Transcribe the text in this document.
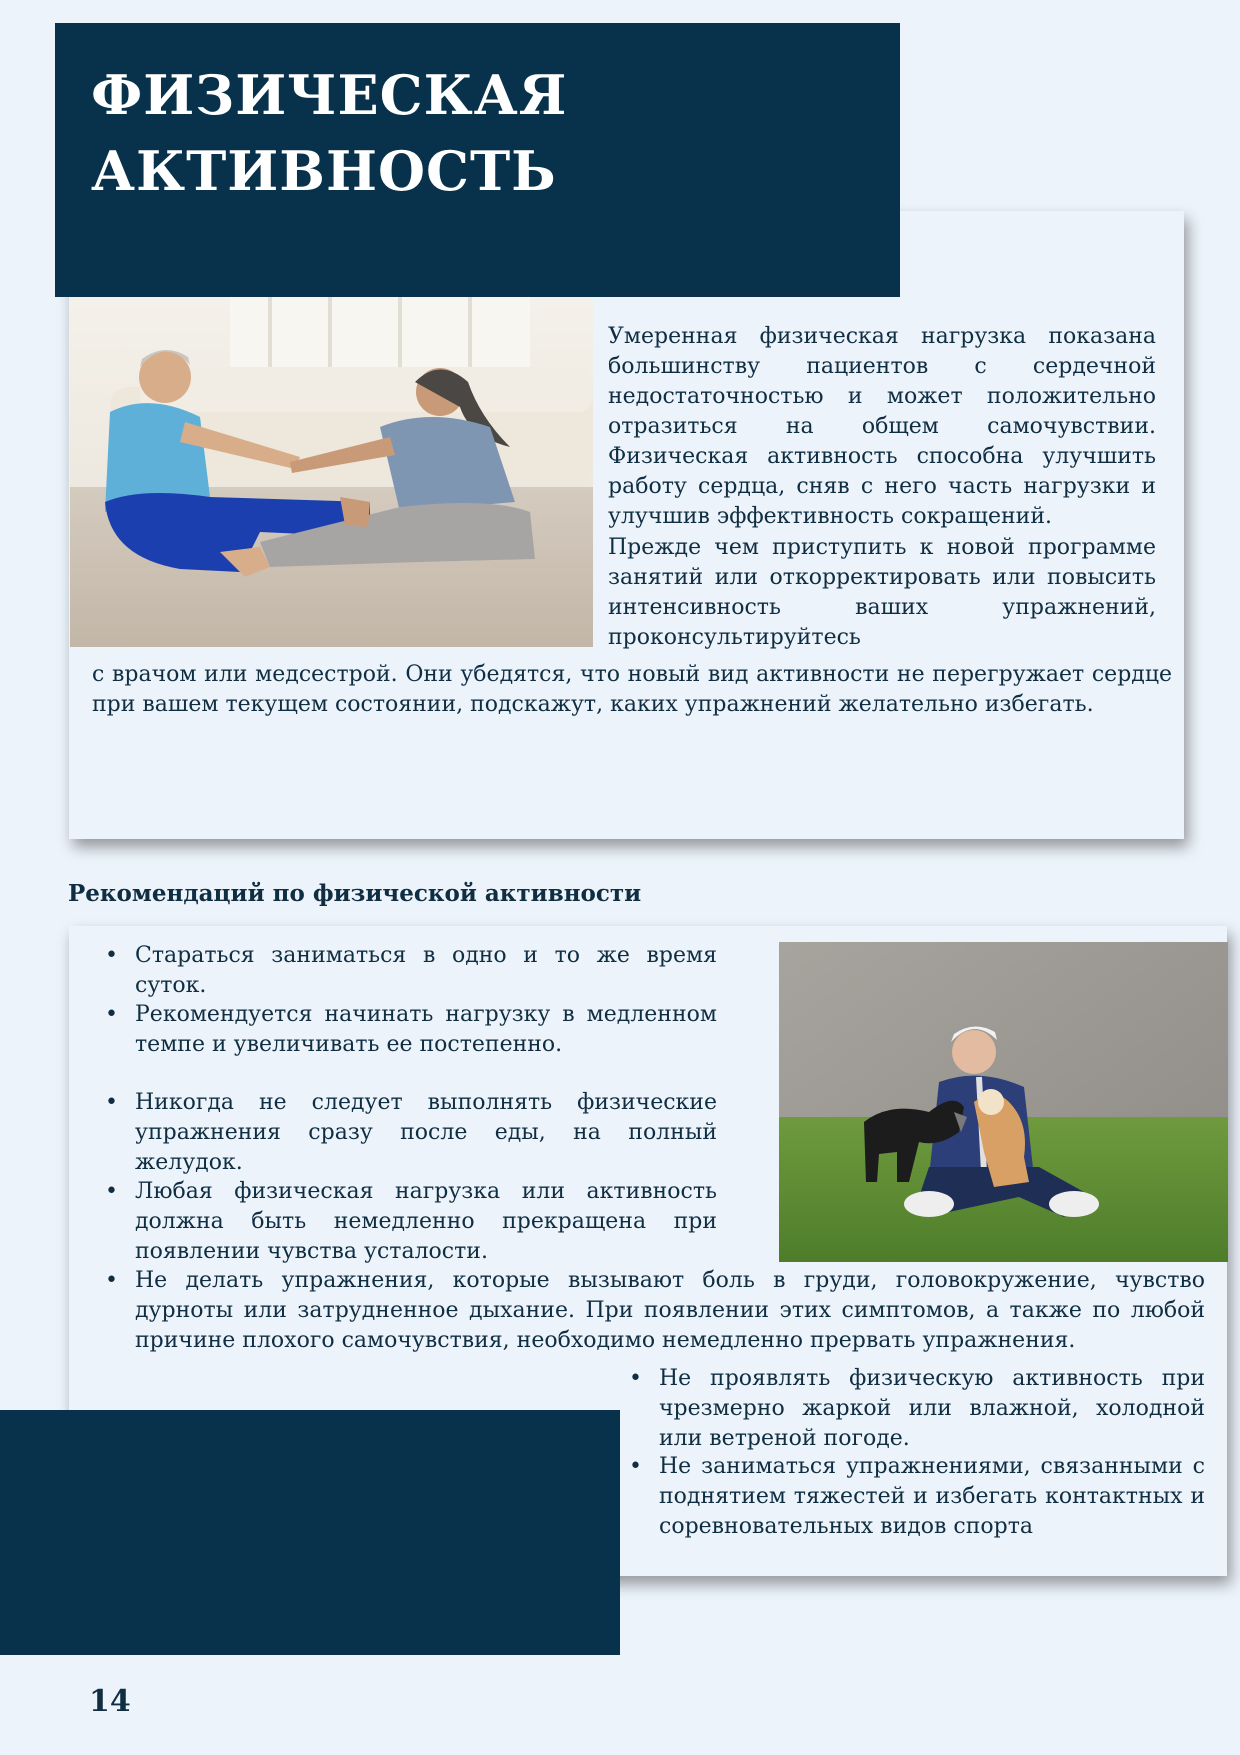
ФИЗИЧЕСКАЯ
АКТИВНОСТЬ

Умеренная физическая нагрузка показана большинству пациентов с сердечной недостаточностью и может положительно отразиться на общем самочувствии. Физическая активность способна улучшить работу сердца, сняв с него часть нагрузки и улучшив эффективность сокращений.

Прежде чем приступить к новой программе занятий или откорректировать или повысить интенсивность ваших упражнений, проконсультируйтесь

с врачом или медсестрой. Они убедятся, что новый вид активности не перегружает сердце при вашем текущем состоянии, подскажут, каких упражнений желательно избегать.

Рекомендаций по физической активности

• Стараться заниматься в одно и то же время суток.

• Рекомендуется начинать нагрузку в медленном темпе и увеличивать ее постепенно.

• Никогда не следует выполнять физические упражнения сразу после еды, на полный желудок.

• Любая физическая нагрузка или активность должна быть немедленно прекращена при появлении чувства усталости.

• Не делать упражнения, которые вызывают боль в груди, головокружение, чувство дурноты или затрудненное дыхание. При появлении этих симптомов, а также по любой причине плохого самочувствия, необходимо немедленно прервать упражнения.

• Не проявлять физическую активность при чрезмерно жаркой или влажной, холодной или ветреной погоде.

• Не заниматься упражнениями, связанными с поднятием тяжестей и избегать контактных и соревновательных видов спорта

14
